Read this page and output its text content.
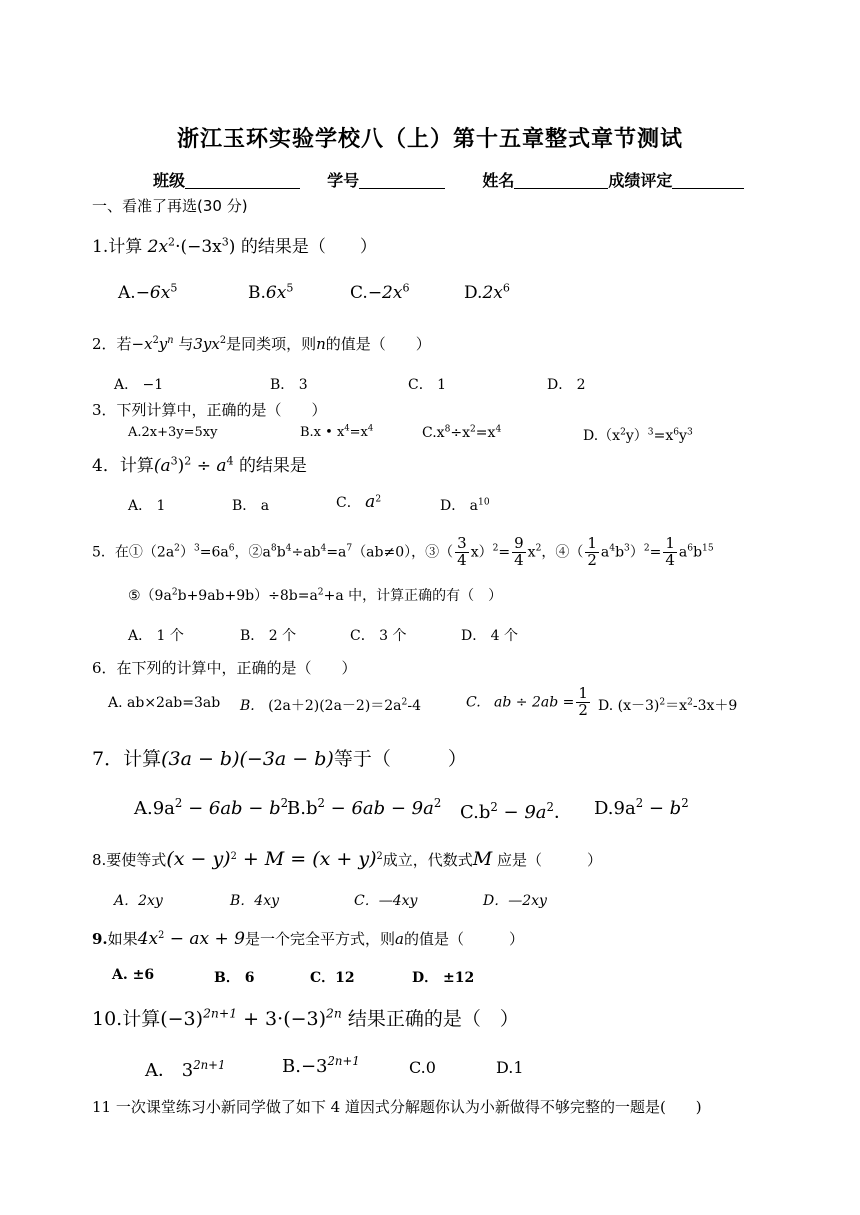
浙江玉环实验学校八（上）第十五章整式章节测试
班级	学号	姓名	成绩评定
一、看准了再选(30 分)
1.计算 $2x^2\cdot(-3x^3)$ 的结果是（　　）
$A.-6x^5$	$B.6x^5$	$C.-2x^6$	$D.2x^6$
2．若$-x^2y^n$ 与$3yx^2$是同类项，则n的值是（　　）
A． −1	B． 3	C． 1	D． 2
3．下列计算中，正确的是（　　）
A.2x+3y=5xy	B.x • $x^4=x^4$	$C.x^8\div x^2=x^4$	$D.(x^2y)^3=x^6y^3$
4．计算$(a^3)^2 \div a^4$ 的结果是
A． 1	B． a	C． $a^2$	D． $a^{10}$
5．在$①(2a^2)^3=6a^6$，$②a^8b^4\div ab^4=a^7(ab\ne 0)$，③（ $\frac{3}{4} x)^2= \frac{9}{4} x^2$，④（ $\frac{1}{2} a^4b^3)^2= \frac{1}{4} a^6b^{15}$
$⑤(9a^2b+9ab+9b)\div 8b=a^2+a$ 中，计算正确的有（　）
A． 1 个	B． 2 个	C． 3 个	D． 4 个
6．在下列的计算中，正确的是（　　）
A. ab×2ab=3ab B. $(2a+2)(2a-2)=2a^2-4$	C. ab ÷ $2ab = \frac{1}{2} D$. $(x-3)^2=x^2-3x+9$
7．计算(3a − b)(−3a − b)等于（　　　）
$A.9a^2 - 6ab - b^2$
$B.b^2 - 6ab - 9a^2$ $C.b^2 - 9a^2$． $D.9a^2 - b^2$
8.要使等式$(x - y)^2 + M = (x + y)^2$成立，代数式M 应是（　　　）
A．2xy	B．4xy	C．—4xy	D．—2xy
9.如果$4x^2$ − ax + 9是一个完全平方式，则a的值是（　　　）
A. ±6	B． 6	C．12	D． ±12
10.计算$(-3)^{2n+1} + 3\cdot(-3)^{2n}$ 结果正确的是（　）
A． $3^{2n+1}$	$B.-3^{2n+1}$	C.0	D.1
11 一次课堂练习小新同学做了如下 4 道因式分解题你认为小新做得不够完整的一题是(　　)
